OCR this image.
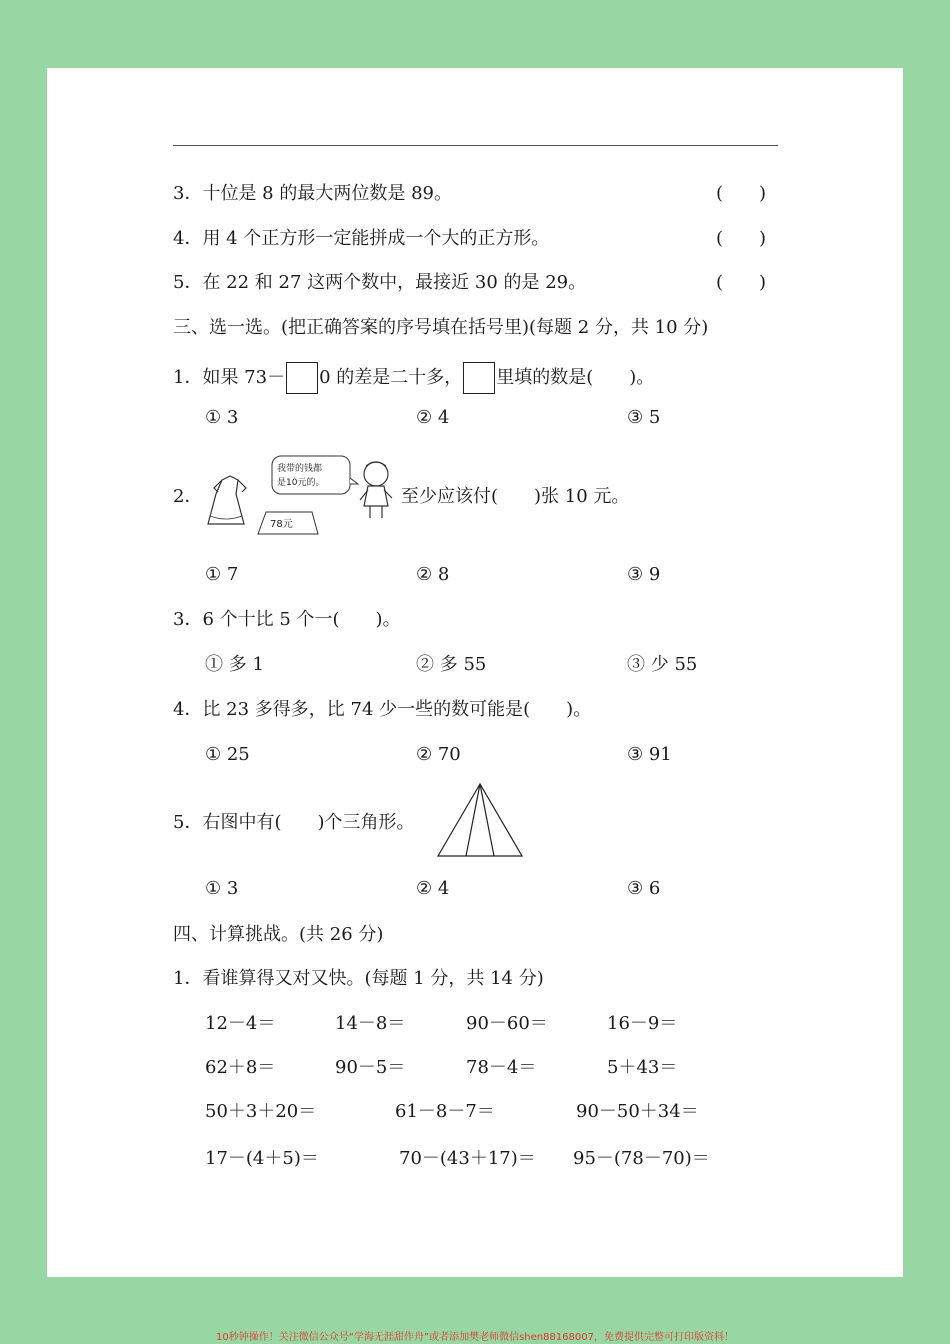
3．十位是 8 的最大两位数是 89。	(　　)
4．用 4 个正方形一定能拼成一个大的正方形。	(　　)
5．在 22 和 27 这两个数中，最接近 30 的是 29。	(　　)
三、选一选。(把正确答案的序号填在括号里)(每题 2 分，共 10 分)
1．如果 73－ 0 的差是二十多， 里填的数是(　　)。
① 3	② 4	③ 5
2．
78元
我带的钱都
是10元的。
至少应该付(　　)张 10 元。
① 7	② 8	③ 9
3．6 个十比 5 个一(　　)。
① 多 1	② 多 55	③ 少 55
4．比 23 多得多，比 74 少一些的数可能是(　　)。
① 25	② 70	③ 91
5．右图中有(　　)个三角形。
① 3	② 4	③ 6
四、计算挑战。(共 26 分)
1．看谁算得又对又快。(每题 1 分，共 14 分)
12－4＝	14－8＝	90－60＝	16－9＝
62＋8＝	90－5＝	78－4＝	5＋43＝
50＋3＋20＝	61－8－7＝	90－50＋34＝
17－(4＋5)＝	70－(43＋17)＝ 95－(78－70)＝
10秒钟操作！关注微信公众号“学海无涯甜作舟”或者添加樊老师微信shen88168007，免费提供完整可打印版资料！
